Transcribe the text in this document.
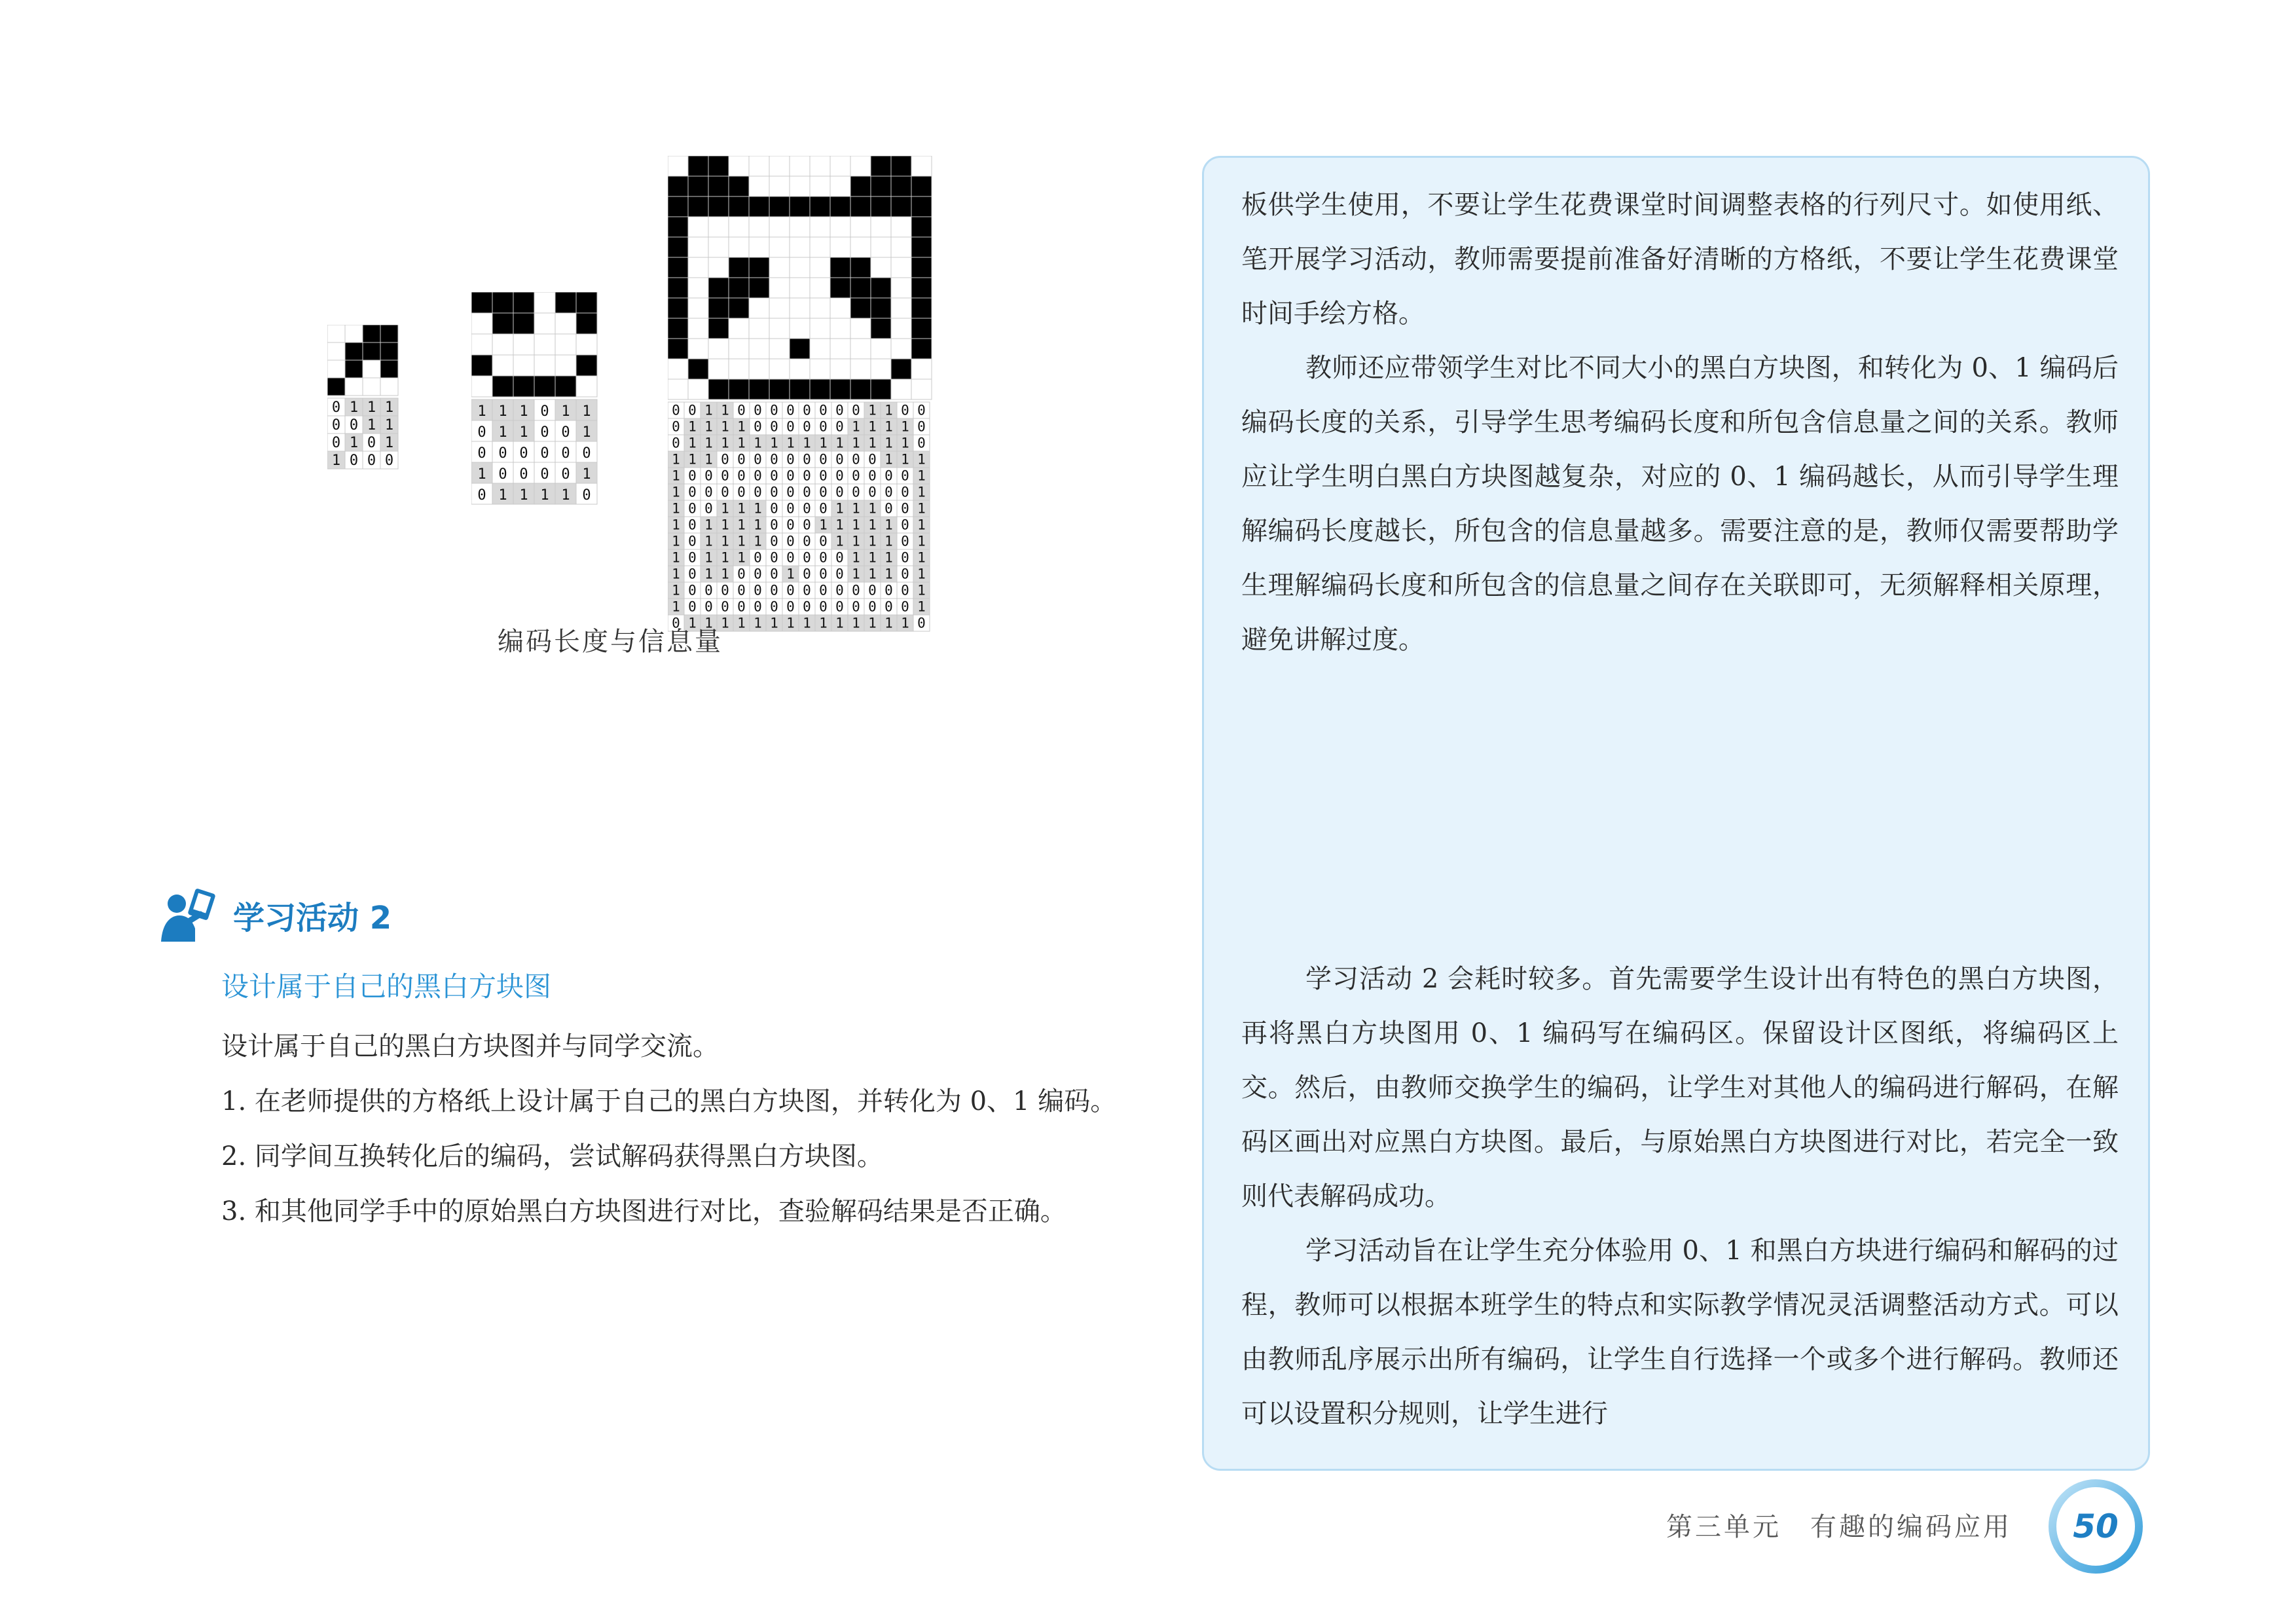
0 1 1 1
0 0 1 1
0 1 0 1
1 0 0 0
1 1 1 0 1 1
0 1 1 0 0 1
0 0 0 0 0 0
1 0 0 0 0 1
0 1 1 1 1 0
0 0 1 1 0 0 0 0 0 0 0 0 1 1 0 0
0 1 1 1 1 0 0 0 0 0 0 1 1 1 1 0
0 1 1 1 1 1 1 1 1 1 1 1 1 1 1 0
1 1 1 0 0 0 0 0 0 0 0 0 0 1 1 1
1 0 0 0 0 0 0 0 0 0 0 0 0 0 0 1
1 0 0 0 0 0 0 0 0 0 0 0 0 0 0 1
1 0 0 1 1 1 0 0 0 0 1 1 1 0 0 1
1 0 1 1 1 1 0 0 0 1 1 1 1 1 0 1
1 0 1 1 1 1 0 0 0 0 1 1 1 1 0 1
1 0 1 1 1 0 0 0 0 0 0 1 1 1 0 1
1 0 1 1 0 0 0 1 0 0 0 1 1 1 0 1
1 0 0 0 0 0 0 0 0 0 0 0 0 0 0 1
1 0 0 0 0 0 0 0 0 0 0 0 0 0 0 1
0 1 1 1 1 1 1 1 1 1 1 1 1 1 1 0
编码长度与信息量
学习活动 2
设计属于自己的黑白方块图

设计属于自己的黑白方块图并与同学交流。

1. 在老师提供的方格纸上设计属于自己的黑白方块图，并转化为 0、1 编码。

2. 同学间互换转化后的编码，尝试解码获得黑白方块图。

3. 和其他同学手中的原始黑白方块图进行对比，查验解码结果是否正确。

板供学生使用，不要让学生花费课堂时间调整表格的行列尺寸。如使用纸、笔开展学习活动，教师需要提前准备好清晰的方格纸，不要让学生花费课堂时间手绘方格。

教师还应带领学生对比不同大小的黑白方块图，和转化为 0、1 编码后编码长度的关系，引导学生思考编码长度和所包含信息量之间的关系。教师应让学生明白黑白方块图越复杂，对应的 0、1 编码越长，从而引导学生理解编码长度越长，所包含的信息量越多。需要注意的是，教师仅需要帮助学生理解编码长度和所包含的信息量之间存在关联即可，无须解释相关原理，避免讲解过度。

学习活动 2 会耗时较多。首先需要学生设计出有特色的黑白方块图，再将黑白方块图用 0、1 编码写在编码区。保留设计区图纸，将编码区上交。然后，由教师交换学生的编码，让学生对其他人的编码进行解码，在解码区画出对应黑白方块图。最后，与原始黑白方块图进行对比，若完全一致则代表解码成功。

学习活动旨在让学生充分体验用 0、1 和黑白方块进行编码和解码的过程，教师可以根据本班学生的特点和实际教学情况灵活调整活动方式。可以由教师乱序展示出所有编码，让学生自行选择一个或多个进行解码。教师还可以设置积分规则，让学生进行

第三单元　有趣的编码应用	50
